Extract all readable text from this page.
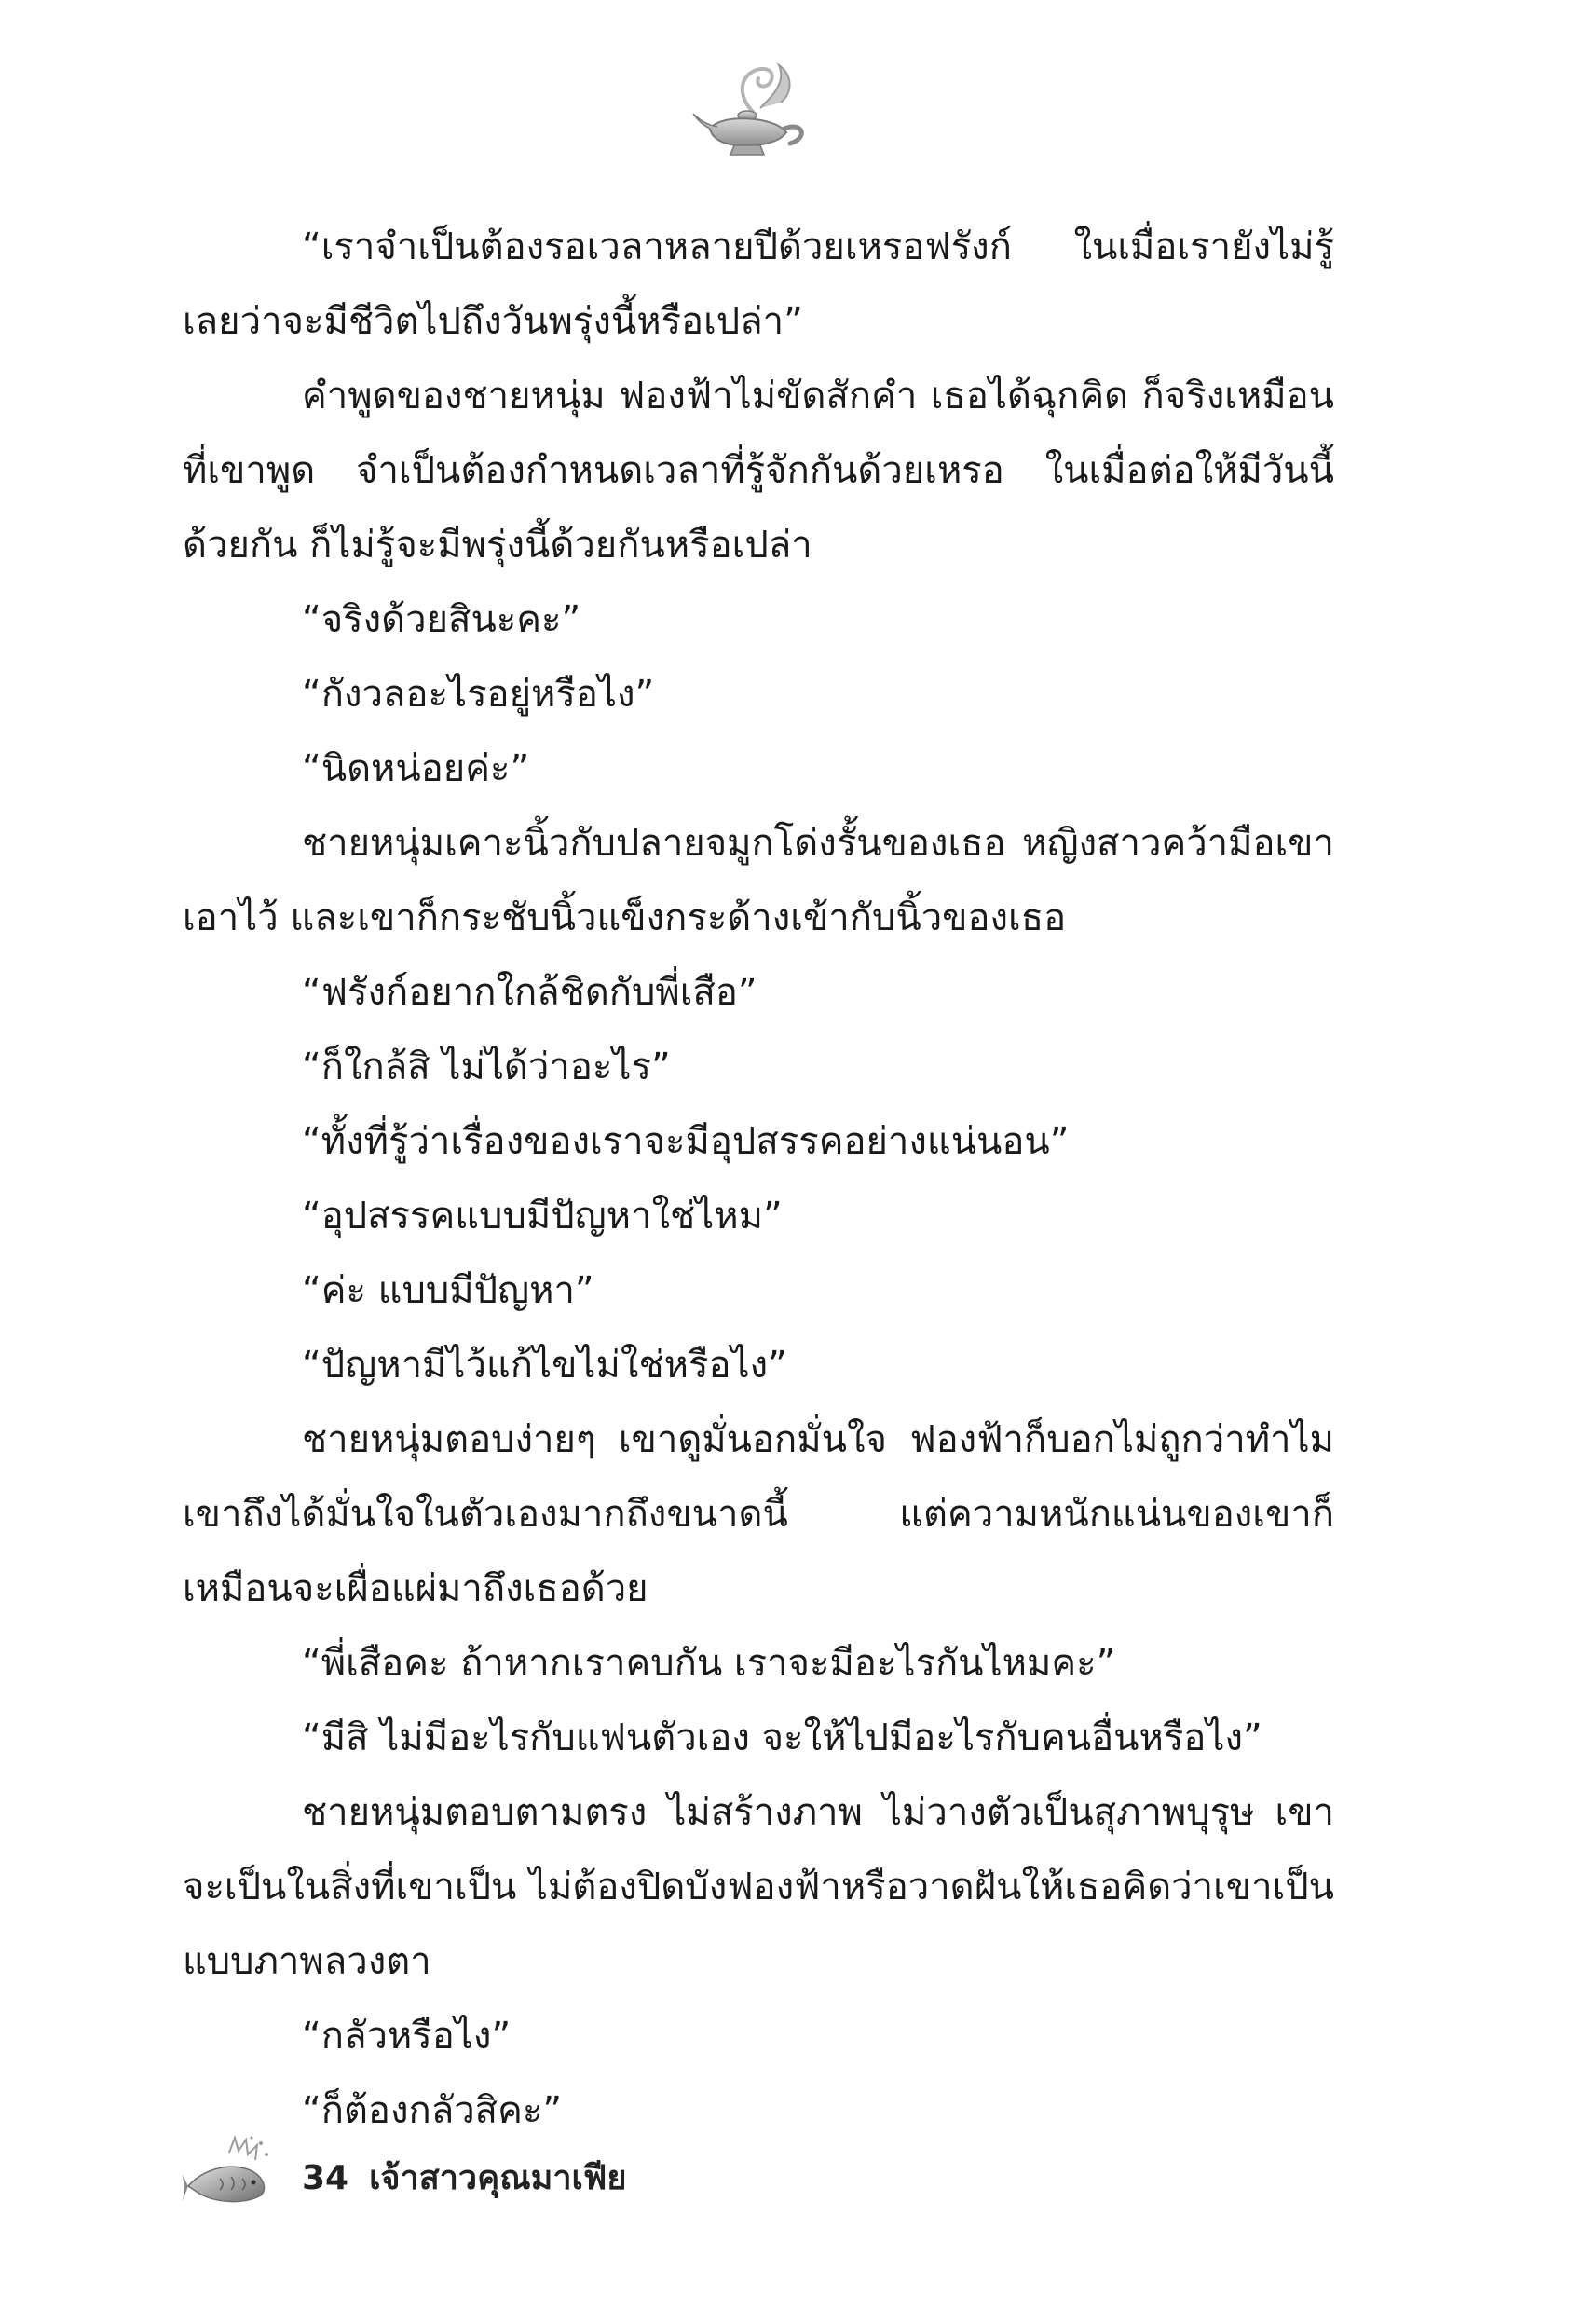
“เราจำเป็นต้องรอเวลาหลายปีด้วยเหรอฟรังก์ ในเมื่อเรายังไม่รู้เลยว่าจะมีชีวิตไปถึงวันพรุ่งนี้หรือเปล่า”

คำพูดของชายหนุ่ม ฟองฟ้าไม่ขัดสักคำ เธอได้ฉุกคิด ก็จริงเหมือนที่เขาพูด จำเป็นต้องกำหนดเวลาที่รู้จักกันด้วยเหรอ ในเมื่อต่อให้มีวันนี้ด้วยกัน ก็ไม่รู้จะมีพรุ่งนี้ด้วยกันหรือเปล่า

“จริงด้วยสินะคะ”

“กังวลอะไรอยู่หรือไง”

“นิดหน่อยค่ะ”

ชายหนุ่มเคาะนิ้วกับปลายจมูกโด่งรั้นของเธอ หญิงสาวคว้ามือเขาเอาไว้ และเขาก็กระชับนิ้วแข็งกระด้างเข้ากับนิ้วของเธอ

“ฟรังก์อยากใกล้ชิดกับพี่เสือ”

“ก็ใกล้สิ ไม่ได้ว่าอะไร”

“ทั้งที่รู้ว่าเรื่องของเราจะมีอุปสรรคอย่างแน่นอน”

“อุปสรรคแบบมีปัญหาใช่ไหม”

“ค่ะ แบบมีปัญหา”

“ปัญหามีไว้แก้ไขไม่ใช่หรือไง”

ชายหนุ่มตอบง่ายๆ เขาดูมั่นอกมั่นใจ ฟองฟ้าก็บอกไม่ถูกว่าทำไมเขาถึงได้มั่นใจในตัวเองมากถึงขนาดนี้ แต่ความหนักแน่นของเขาก็เหมือนจะเผื่อแผ่มาถึงเธอด้วย

“พี่เสือคะ ถ้าหากเราคบกัน เราจะมีอะไรกันไหมคะ”

“มีสิ ไม่มีอะไรกับแฟนตัวเอง จะให้ไปมีอะไรกับคนอื่นหรือไง”

ชายหนุ่มตอบตามตรง ไม่สร้างภาพ ไม่วางตัวเป็นสุภาพบุรุษ เขาจะเป็นในสิ่งที่เขาเป็น ไม่ต้องปิดบังฟองฟ้าหรือวาดฝันให้เธอคิดว่าเขาเป็นแบบภาพลวงตา

“กลัวหรือไง”

“ก็ต้องกลัวสิคะ”

34 เจ้าสาวคุณมาเฟีย
